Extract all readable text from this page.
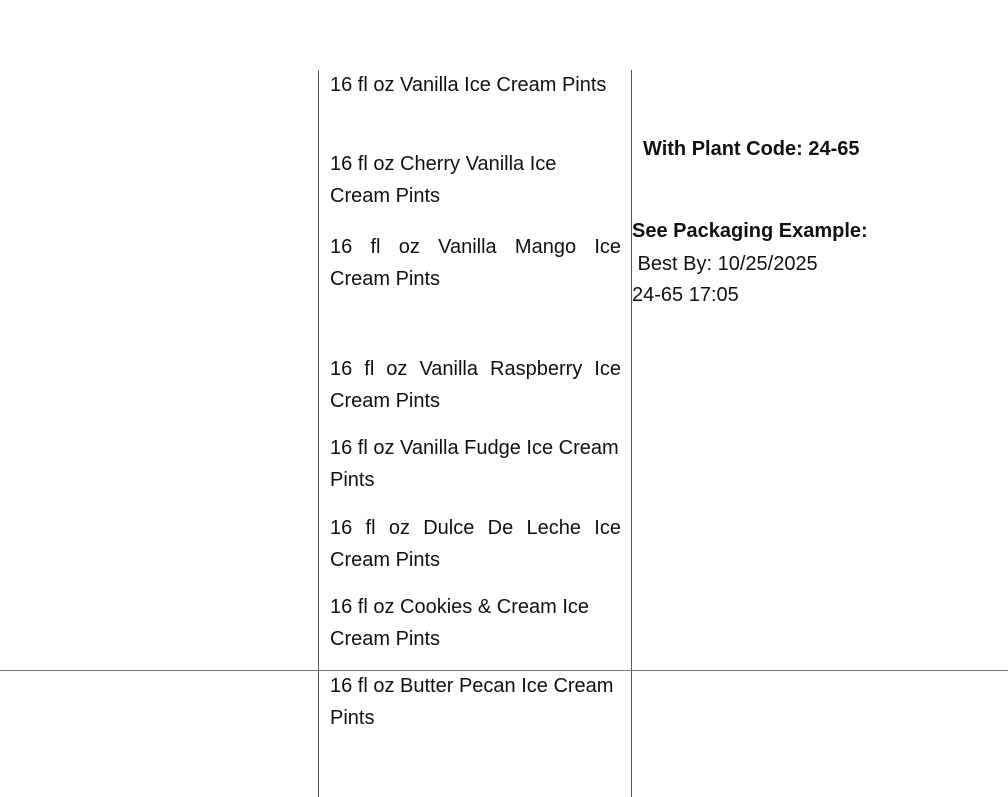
16 fl oz Vanilla Ice Cream Pints

16 fl oz Cherry Vanilla Ice Cream Pints

16 fl oz Vanilla Mango Ice Cream Pints

16 fl oz Vanilla Raspberry Ice Cream Pints

16 fl oz Vanilla Fudge Ice Cream Pints

16 fl oz Dulce De Leche Ice Cream Pints

16 fl oz Cookies & Cream Ice Cream Pints

16 fl oz Butter Pecan Ice Cream Pints

With Plant Code: 24-65

See Packaging Example:

Best By: 10/25/2025

24-65 17:05
